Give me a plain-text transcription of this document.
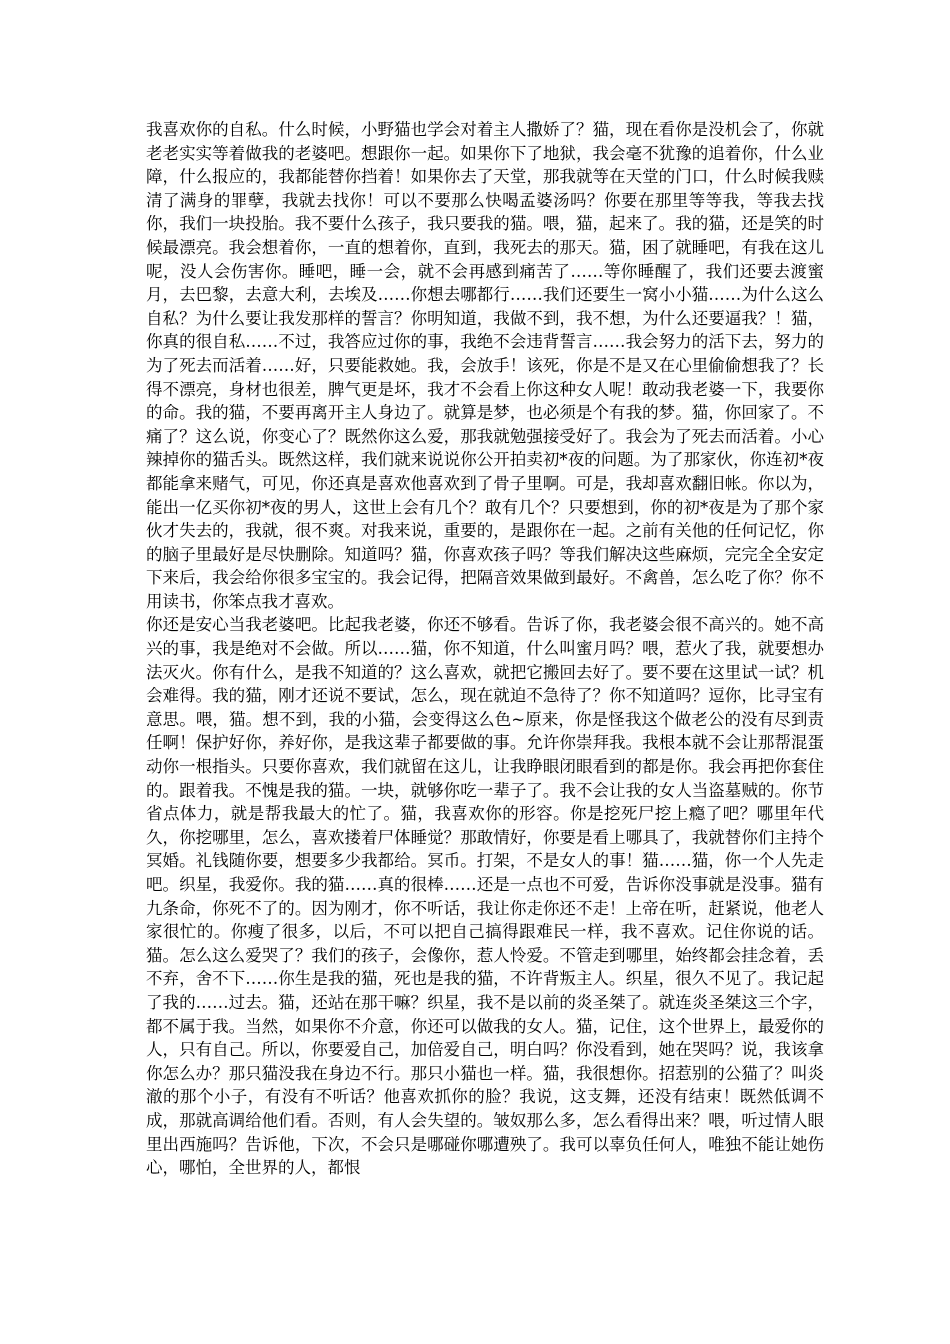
我喜欢你的自私。什么时候，小野猫也学会对着主人撒娇了？猫，现在看你是没机会了，你就老老实实等着做我的老婆吧。想跟你一起。如果你下了地狱，我会毫不犹豫的追着你，什么业障，什么报应的，我都能替你挡着！如果你去了天堂，那我就等在天堂的门口，什么时候我赎清了满身的罪孽，我就去找你！可以不要那么快喝孟婆汤吗？你要在那里等等我，等我去找你，我们一块投胎。我不要什么孩子，我只要我的猫。喂，猫，起来了。我的猫，还是笑的时候最漂亮。我会想着你，一直的想着你，直到，我死去的那天。猫，困了就睡吧，有我在这儿呢，没人会伤害你。睡吧，睡一会，就不会再感到痛苦了……等你睡醒了，我们还要去渡蜜月，去巴黎，去意大利，去埃及……你想去哪都行……我们还要生一窝小小猫……为什么这么自私？为什么要让我发那样的誓言？你明知道，我做不到，我不想，为什么还要逼我？！猫，你真的很自私……不过，我答应过你的事，我绝不会违背誓言……我会努力的活下去，努力的为了死去而活着……好，只要能救她。我，会放手！该死，你是不是又在心里偷偷想我了？长得不漂亮，身材也很差，脾气更是坏，我才不会看上你这种女人呢！敢动我老婆一下，我要你的命。我的猫，不要再离开主人身边了。就算是梦，也必须是个有我的梦。猫，你回家了。不痛了？这么说，你变心了？既然你这么爱，那我就勉强接受好了。我会为了死去而活着。小心辣掉你的猫舌头。既然这样，我们就来说说你公开拍卖初*夜的问题。为了那家伙，你连初*夜都能拿来赌气，可见，你还真是喜欢他喜欢到了骨子里啊。可是，我却喜欢翻旧帐。你以为，能出一亿买你初*夜的男人，这世上会有几个？敢有几个？只要想到，你的初*夜是为了那个家伙才失去的，我就，很不爽。对我来说，重要的，是跟你在一起。之前有关他的任何记忆，你的脑子里最好是尽快删除。知道吗？猫，你喜欢孩子吗？等我们解决这些麻烦，完完全全安定下来后，我会给你很多宝宝的。我会记得，把隔音效果做到最好。不禽兽，怎么吃了你？你不用读书，你笨点我才喜欢。

你还是安心当我老婆吧。比起我老婆，你还不够看。告诉了你，我老婆会很不高兴的。她不高兴的事，我是绝对不会做。所以……猫，你不知道，什么叫蜜月吗？喂，惹火了我，就要想办法灭火。你有什么，是我不知道的？这么喜欢，就把它搬回去好了。要不要在这里试一试？机会难得。我的猫，刚才还说不要试，怎么，现在就迫不急待了？你不知道吗？逗你，比寻宝有意思。喂，猫。想不到，我的小猫，会变得这么色~原来，你是怪我这个做老公的没有尽到责任啊！保护好你，养好你，是我这辈子都要做的事。允许你崇拜我。我根本就不会让那帮混蛋动你一根指头。只要你喜欢，我们就留在这儿，让我睁眼闭眼看到的都是你。我会再把你套住的。跟着我。不愧是我的猫。一块，就够你吃一辈子了。我不会让我的女人当盗墓贼的。你节省点体力，就是帮我最大的忙了。猫，我喜欢你的形容。你是挖死尸挖上瘾了吧？哪里年代久，你挖哪里，怎么，喜欢搂着尸体睡觉？那敢情好，你要是看上哪具了，我就替你们主持个冥婚。礼钱随你要，想要多少我都给。冥币。打架，不是女人的事！猫……猫，你一个人先走吧。织星，我爱你。我的猫……真的很棒……还是一点也不可爱，告诉你没事就是没事。猫有九条命，你死不了的。因为刚才，你不听话，我让你走你还不走！上帝在听，赶紧说，他老人家很忙的。你瘦了很多，以后，不可以把自己搞得跟难民一样，我不喜欢。记住你说的话。猫。怎么这么爱哭了？我们的孩子，会像你，惹人怜爱。不管走到哪里，始终都会挂念着，丢不弃，舍不下……你生是我的猫，死也是我的猫，不许背叛主人。织星，很久不见了。我记起了我的……过去。猫，还站在那干嘛？织星，我不是以前的炎圣桀了。就连炎圣桀这三个字，都不属于我。当然，如果你不介意，你还可以做我的女人。猫，记住，这个世界上，最爱你的人，只有自己。所以，你要爱自己，加倍爱自己，明白吗？你没看到，她在哭吗？说，我该拿你怎么办？那只猫没我在身边不行。那只小猫也一样。猫，我很想你。招惹别的公猫了？叫炎澈的那个小子，有没有不听话？他喜欢抓你的脸？我说，这支舞，还没有结束！既然低调不成，那就高调给他们看。否则，有人会失望的。皱奴那么多，怎么看得出来？喂，听过情人眼里出西施吗？告诉他，下次，不会只是哪碰你哪遭殃了。我可以辜负任何人，唯独不能让她伤心，哪怕，全世界的人，都恨
